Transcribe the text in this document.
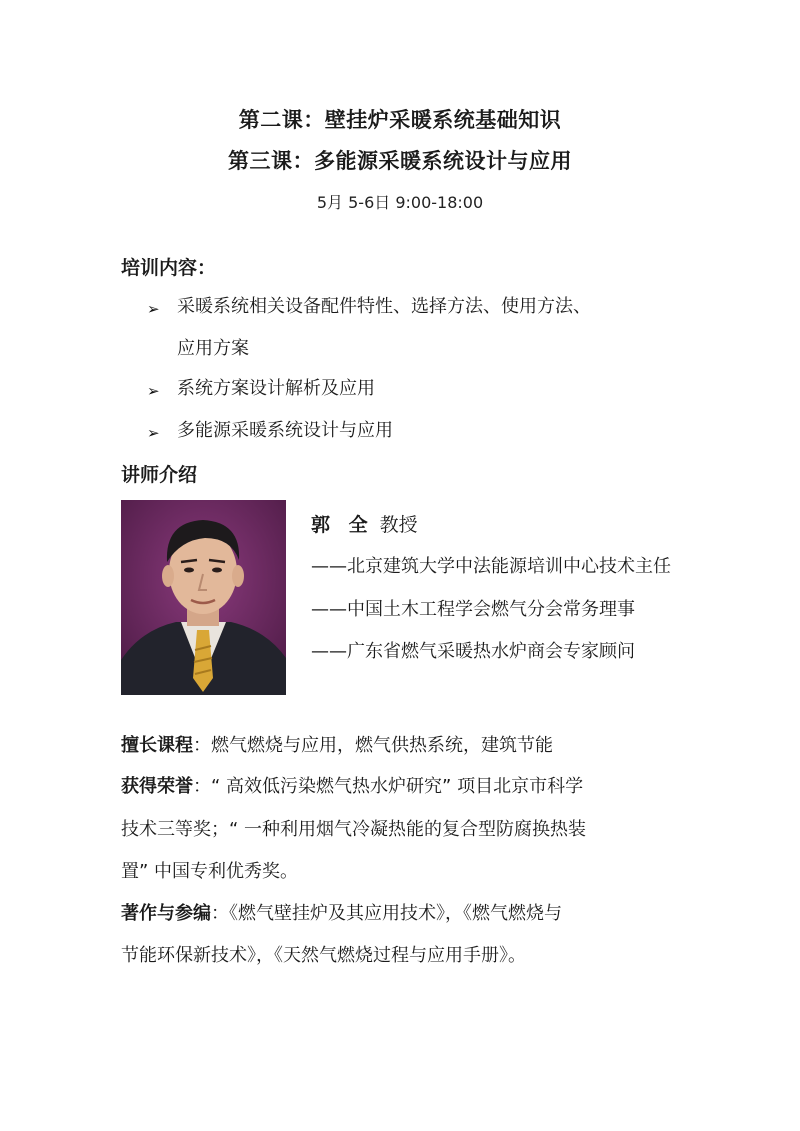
第二课：壁挂炉采暖系统基础知识
第三课：多能源采暖系统设计与应用
5月 5-6日 9:00-18:00
培训内容：
➢ 采暖系统相关设备配件特性、选择方法、使用方法、
应用方案
➢ 系统方案设计解析及应用
➢ 多能源采暖系统设计与应用
讲师介绍
郭 全 教授
——北京建筑大学中法能源培训中心技术主任
——中国土木工程学会燃气分会常务理事
——广东省燃气采暖热水炉商会专家顾问
擅长课程：燃气燃烧与应用，燃气供热系统，建筑节能
获得荣誉：“ 高效低污染燃气热水炉研究” 项目北京市科学
技术三等奖；“ 一种利用烟气冷凝热能的复合型防腐换热装
置” 中国专利优秀奖。
著作与参编：《燃气壁挂炉及其应用技术》，《燃气燃烧与
节能环保新技术》，《天然气燃烧过程与应用手册》。
